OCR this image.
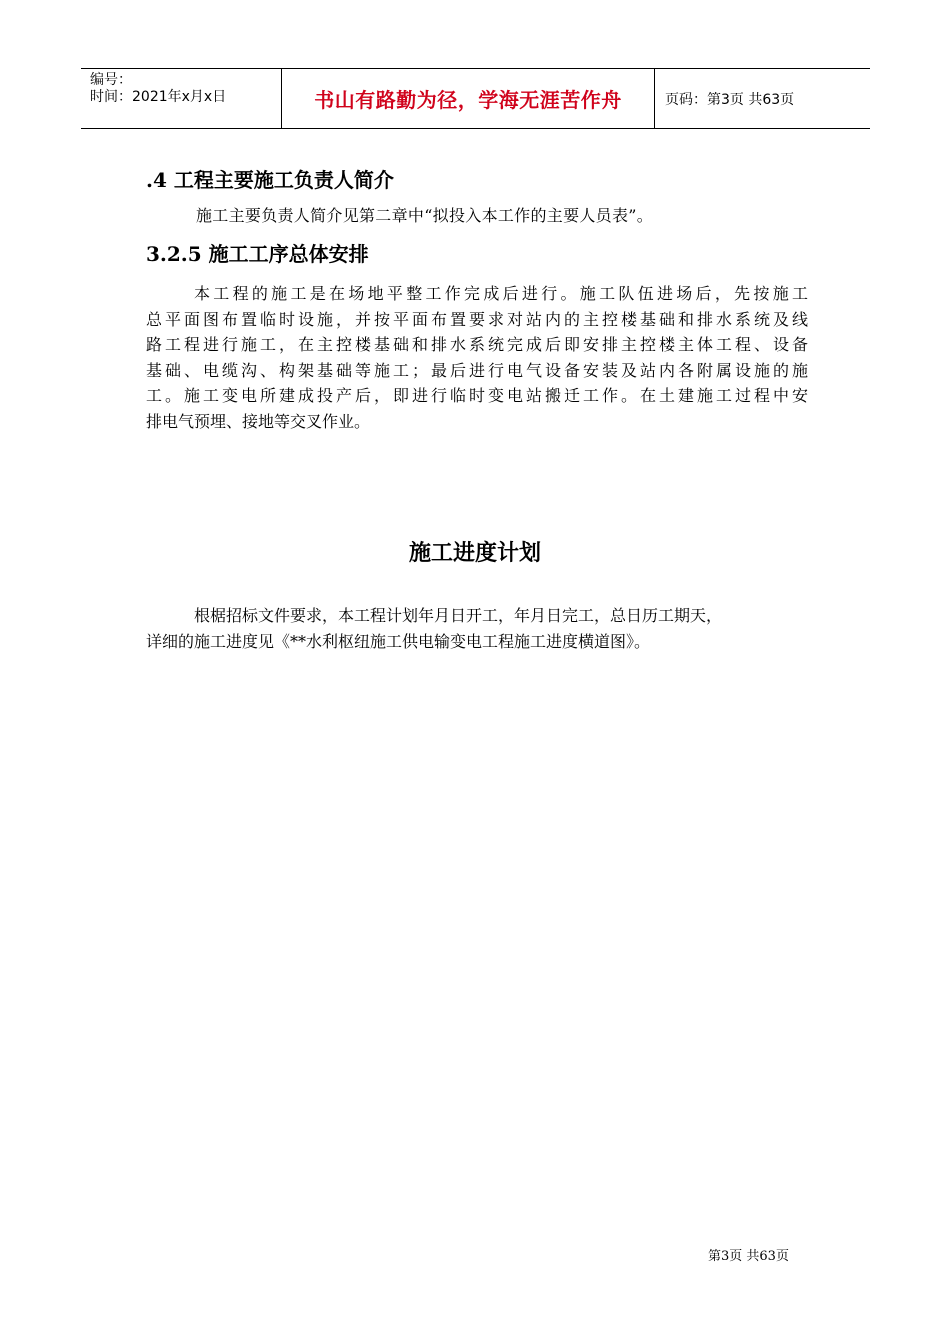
编号：
时间：2021年x月x日	书山有路勤为径，学海无涯苦作舟	页码：第3页 共63页
.4 工程主要施工负责人简介
施工主要负责人简介见第二章中“拟投入本工作的主要人员表”。
3.2.5 施工工序总体安排
本工程的施工是在场地平整工作完成后进行。施工队伍进场后，先按施工
总平面图布置临时设施，并按平面布置要求对站内的主控楼基础和排水系统及线
路工程进行施工，在主控楼基础和排水系统完成后即安排主控楼主体工程、设备
基础、电缆沟、构架基础等施工；最后进行电气设备安装及站内各附属设施的施
工。施工变电所建成投产后，即进行临时变电站搬迁工作。在土建施工过程中安
排电气预埋、接地等交叉作业。
施工进度计划
根椐招标文件要求，本工程计划年月日开工，年月日完工，总日历工期天，
详细的施工进度见《**水利枢纽施工供电输变电工程施工进度横道图》。
第3页 共63页
